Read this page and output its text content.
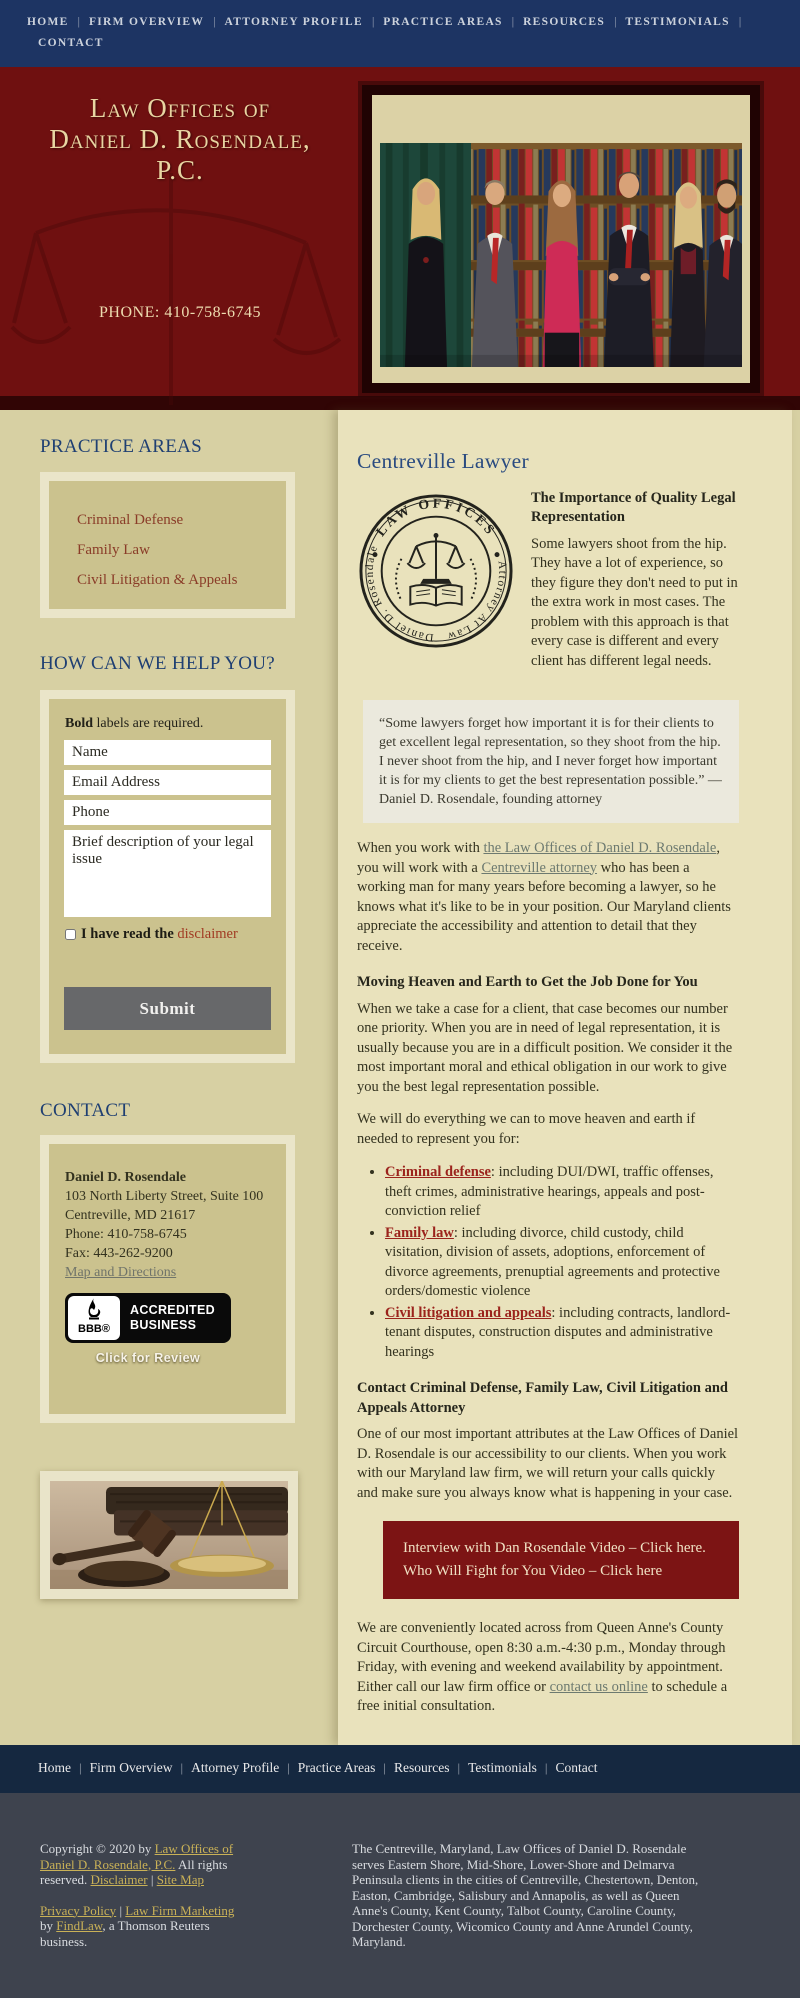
HOME | FIRM OVERVIEW | ATTORNEY PROFILE | PRACTICE AREAS | RESOURCES | TESTIMONIALS |
CONTACT
Law Offices of
Daniel D. Rosendale,
P.C.
PHONE: 410-758-6745
PRACTICE AREAS
Criminal Defense
Family Law
Civil Litigation & Appeals
HOW CAN WE HELP YOU?
Bold labels are required.
Name
Email Address
Phone
Brief description of your legal issue
I have read the disclaimer
Submit
CONTACT
Daniel D. Rosendale
103 North Liberty Street, Suite 100
Centreville, MD 21617
Phone: 410-758-6745
Fax: 443-262-9200
Map and Directions
BBB®
ACCREDITED
BUSINESS
Click for Review
Centreville Lawyer
LAW OFFICES
Daniel D. Rosendale
Attorney At Law
The Importance of Quality Legal Representation

Some lawyers shoot from the hip. They have a lot of experience, so they figure they don't need to put in the extra work in most cases. The problem with this approach is that every case is different and every client has different legal needs.

“Some lawyers forget how important it is for their clients to get excellent legal representation, so they shoot from the hip. I never shoot from the hip, and I never forget how important it is for my clients to get the best representation possible.” — Daniel D. Rosendale, founding attorney

When you work with the Law Offices of Daniel D. Rosendale, you will work with a Centreville attorney who has been a working man for many years before becoming a lawyer, so he knows what it's like to be in your position. Our Maryland clients appreciate the accessibility and attention to detail that they receive.

Moving Heaven and Earth to Get the Job Done for You

When we take a case for a client, that case becomes our number one priority. When you are in need of legal representation, it is usually because you are in a difficult position. We consider it the most important moral and ethical obligation in our work to give you the best legal representation possible.

We will do everything we can to move heaven and earth if needed to represent you for:

• Criminal defense: including DUI/DWI, traffic offenses, theft crimes, administrative hearings, appeals and post-conviction relief
• Family law: including divorce, child custody, child visitation, division of assets, adoptions, enforcement of divorce agreements, prenuptial agreements and protective orders/domestic violence
• Civil litigation and appeals: including contracts, landlord-tenant disputes, construction disputes and administrative hearings
Contact Criminal Defense, Family Law, Civil Litigation and Appeals Attorney

One of our most important attributes at the Law Offices of Daniel D. Rosendale is our accessibility to our clients. When you work with our Maryland law firm, we will return your calls quickly and make sure you always know what is happening in your case.

Interview with Dan Rosendale Video – Click here.
Who Will Fight for You Video – Click here

We are conveniently located across from Queen Anne's County Circuit Courthouse, open 8:30 a.m.-4:30 p.m., Monday through Friday, with evening and weekend availability by appointment. Either call our law firm office or contact us online to schedule a free initial consultation.

Home | Firm Overview | Attorney Profile | Practice Areas | Resources | Testimonials | Contact

Copyright © 2020 by Law Offices of Daniel D. Rosendale, P.C. All rights reserved. Disclaimer | Site Map

Privacy Policy | Law Firm Marketing by FindLaw, a Thomson Reuters business.

The Centreville, Maryland, Law Offices of Daniel D. Rosendale serves Eastern Shore, Mid-Shore, Lower-Shore and Delmarva Peninsula clients in the cities of Centreville, Chestertown, Denton, Easton, Cambridge, Salisbury and Annapolis, as well as Queen Anne's County, Kent County, Talbot County, Caroline County, Dorchester County, Wicomico County and Anne Arundel County, Maryland.
